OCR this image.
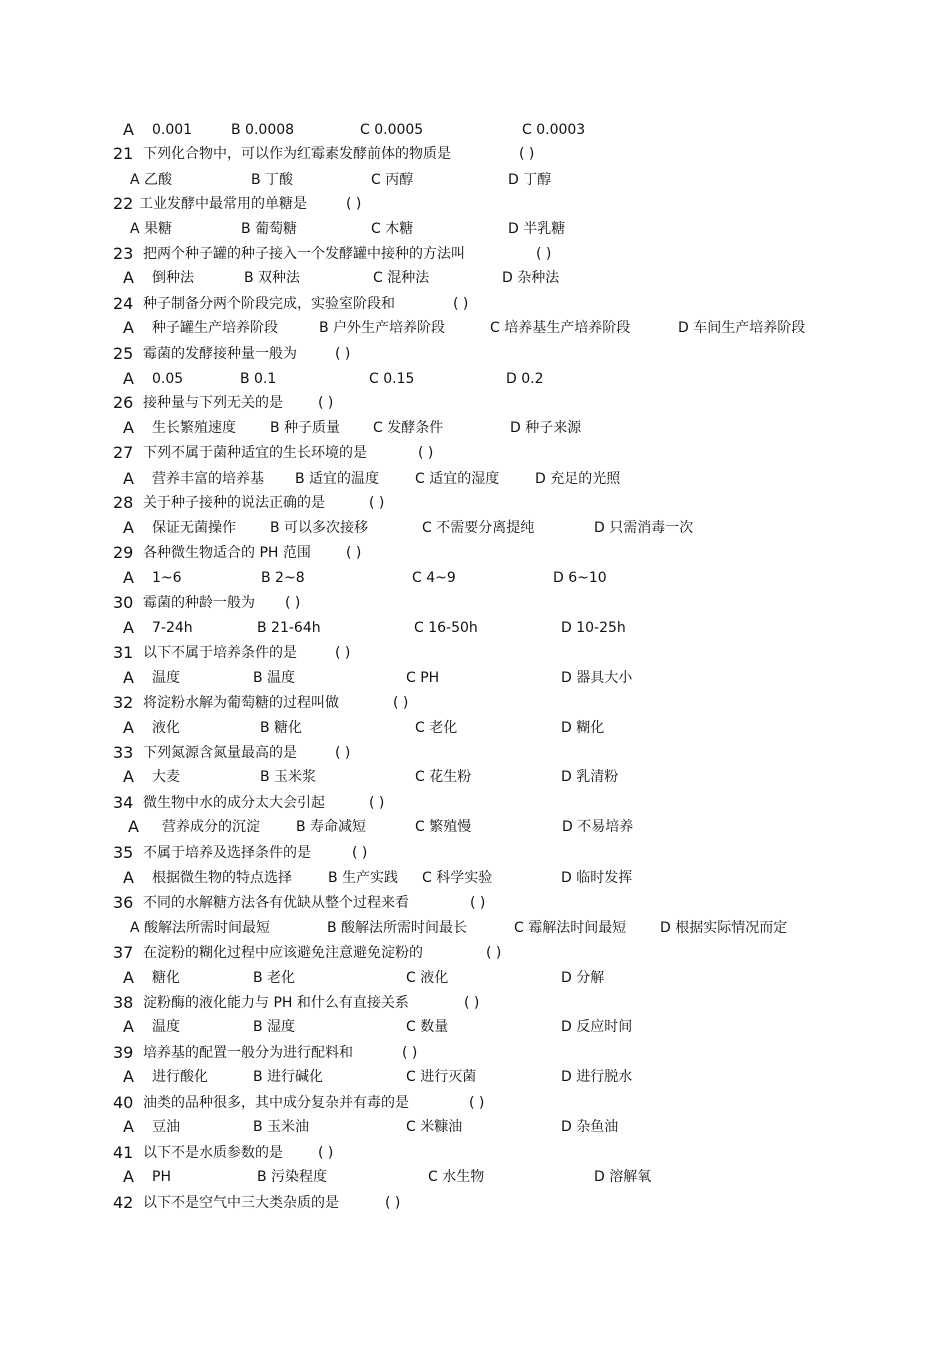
A 0.001	B 0.0008	C 0.0005	C 0.0003
21 下列化合物中，可以作为红霉素发酵前体的物质是	( )
A 乙酸	B 丁酸	C 丙醇	D 丁醇
22 工业发酵中最常用的单糖是	( )
A 果糖	B 葡萄糖	C 木糖	D 半乳糖
23 把两个种子罐的种子接入一个发酵罐中接种的方法叫	( )
A 倒种法	B 双种法	C 混种法	D 杂种法
24 种子制备分两个阶段完成，实验室阶段和	( )
A 种子罐生产培养阶段	B 户外生产培养阶段	C 培养基生产培养阶段	D 车间生产培养阶段
25 霉菌的发酵接种量一般为	( )
A 0.05	B 0.1	C 0.15	D 0.2
26 接种量与下列无关的是	( )
A 生长繁殖速度 B 种子质量 C 发酵条件	D 种子来源
27 下列不属于菌种适宜的生长环境的是	( )
A 营养丰富的培养基 B 适宜的温度	C 适宜的湿度	D 充足的光照
28 关于种子接种的说法正确的是	( )
A 保证无菌操作 B 可以多次接移	C 不需要分离提纯	D 只需消毒一次
29 各种微生物适合的 PH 范围	( )
A 1~6	B 2~8	C 4~9	D 6~10
30 霉菌的种龄一般为 ( )
A 7-24h	B 21-64h	C 16-50h	D 10-25h
31 以下不属于培养条件的是	( )
A 温度	B 温度	C PH	D 器具大小
32 将淀粉水解为葡萄糖的过程叫做	( )
A 液化	B 糖化	C 老化	D 糊化
33 下列氮源含氮量最高的是	( )
A 大麦	B 玉米浆	C 花生粉	D 乳清粉
34 微生物中水的成分太大会引起	( )
A 营养成分的沉淀	B 寿命减短	C 繁殖慢	D 不易培养
35 不属于培养及选择条件的是	( )
A 根据微生物的特点选择	B 生产实践 C 科学实验	D 临时发挥
36 不同的水解糖方法各有优缺从整个过程来看	( )
A 酸解法所需时间最短	B 酸解法所需时间最长	C 霉解法时间最短 D 根据实际情况而定
37 在淀粉的糊化过程中应该避免注意避免淀粉的	( )
A 糖化	B 老化	C 液化	D 分解
38 淀粉酶的液化能力与 PH 和什么有直接关系	( )
A 温度	B 湿度	C 数量	D 反应时间
39 培养基的配置一般分为进行配料和	( )
A 进行酸化	B 进行碱化	C 进行灭菌	D 进行脱水
40 油类的品种很多，其中成分复杂并有毒的是	( )
A 豆油	B 玉米油	C 米糠油	D 杂鱼油
41 以下不是水质参数的是	( )
A PH	B 污染程度	C 水生物	D 溶解氧
42 以下不是空气中三大类杂质的是	( )
